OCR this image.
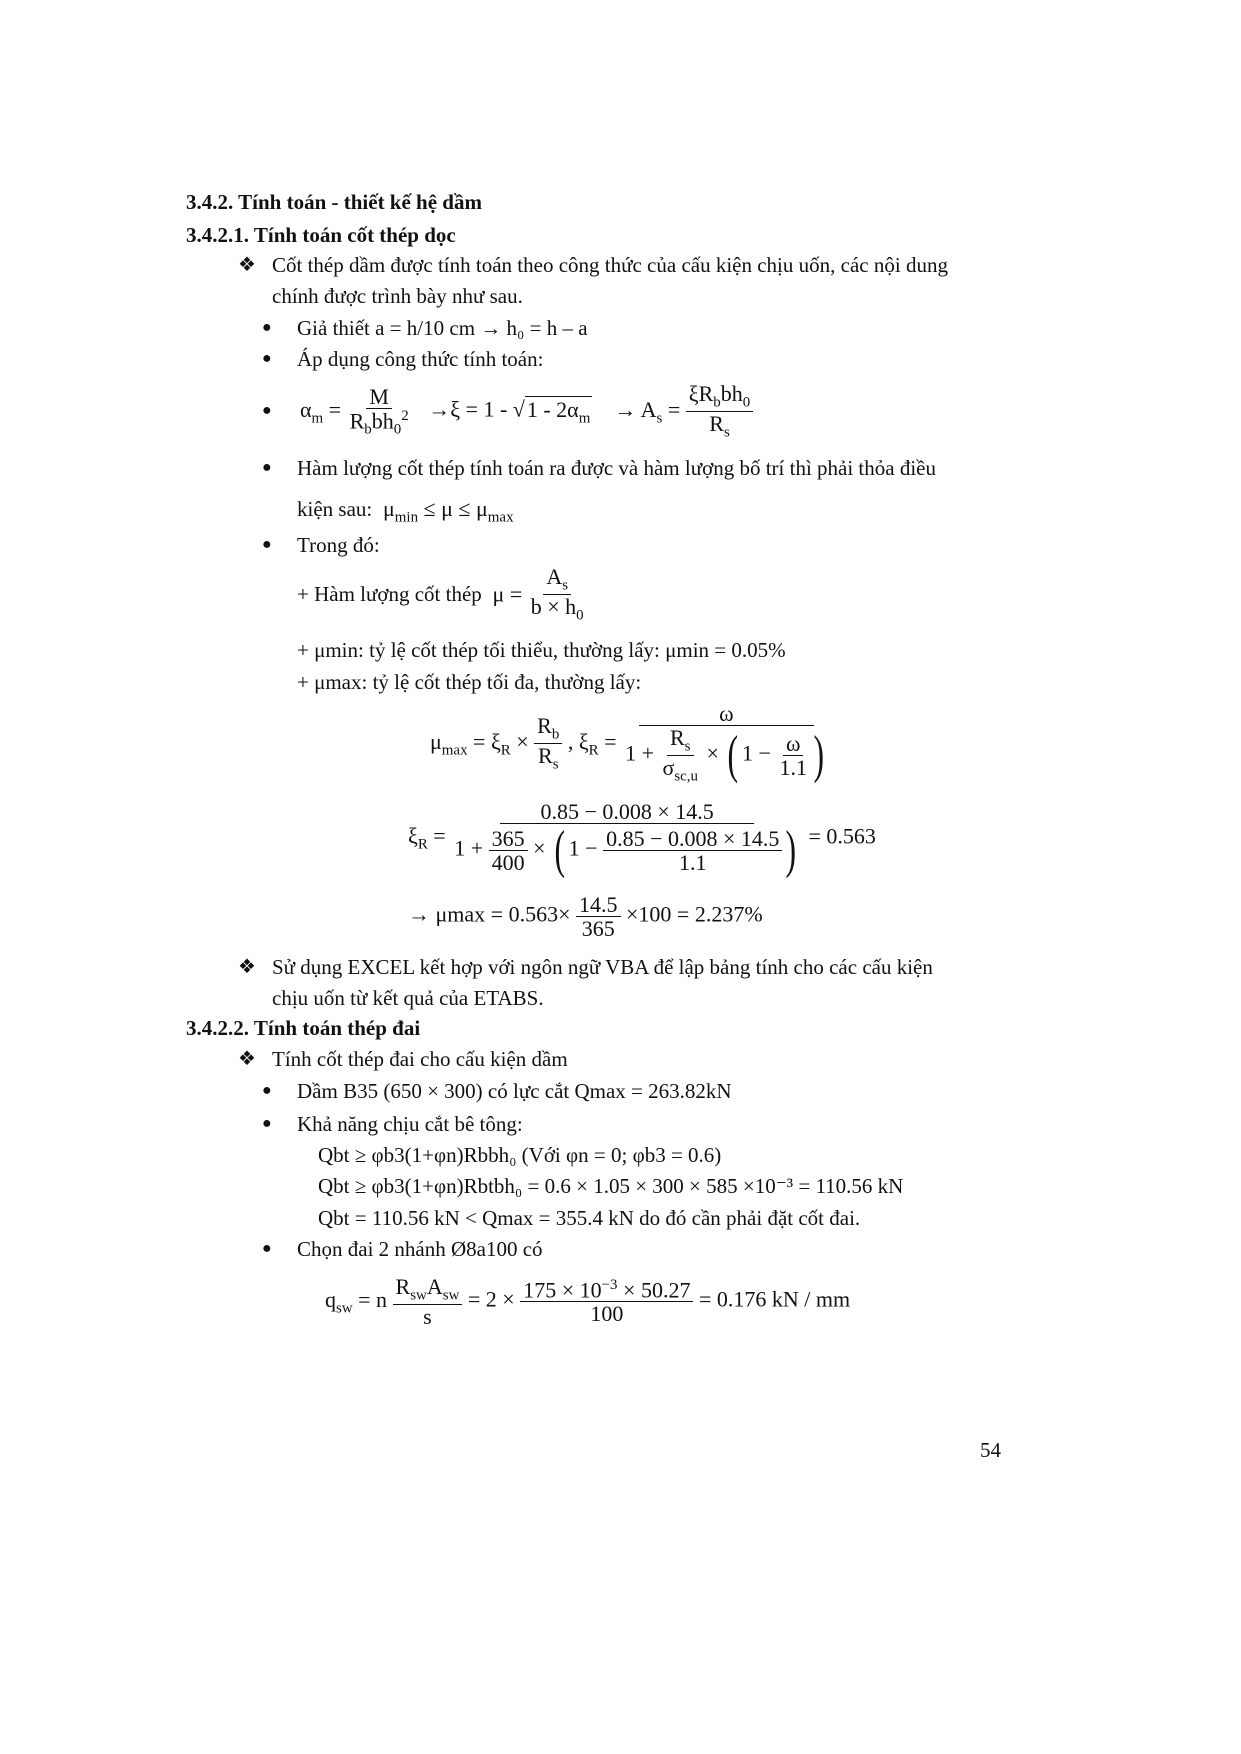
3.4.2. Tính toán - thiết kế hệ dầm
3.4.2.1. Tính toán cốt thép dọc
❖ Cốt thép dầm được tính toán theo công thức của cấu kiện chịu uốn, các nội dung
chính được trình bày như sau.
● Giả thiết a = h/10 cm → h₀ = h – a
● Áp dụng công thức tính toán:
● $\alpha_m$ =
M
$R_bbh_0^2 \to\xi = 1 - √1 - 2\alpha_m$    → $A_s$ =
$\xi R_bbh_0$
$R_s$
● Hàm lượng cốt thép tính toán ra được và hàm lượng bố trí thì phải thỏa điều
kiện sau:  $\mu_{min} \le \mu \le \mu_{max}$
● Trong đó:
+ Hàm lượng cốt thép  $\mu = \frac{A_s}{b \times h_0}$
+ μmin: tỷ lệ cốt thép tối thiểu, thường lấy: μmin = 0.05%
+ μmax: tỷ lệ cốt thép tối đa, thường lấy:
$\mu_{max} = \xi_R \times \frac{R_b}{R_s}$ , $\xi_R$ =
ω
1 +
$R_s$
$\sigma_{sc,u}$
× ( $1 - \frac{\omega}{1.1}$ )
$\xi_R = \frac{0.85 - 0.008 \times 14.5}{1 + \frac{365}{400} \times ( 1 - \frac{0.85 - 0.008 \times 14.5}{1.1} )} = 0.563$
→ $\mu\max = 0.563\times \frac{14.5}{365} \times 100 = 2.237\%$
❖ Sử dụng EXCEL kết hợp với ngôn ngữ VBA để lập bảng tính cho các cấu kiện
chịu uốn từ kết quả của ETABS.
3.4.2.2. Tính toán thép đai
❖ Tính cốt thép đai cho cấu kiện dầm
● Dầm B35 (650 × 300) có lực cắt Qmax = 263.82kN
● Khả năng chịu cắt bê tông:
Qbt ≥ φb3(1+φn)Rbbh₀ (Với φn = 0; φb3 = 0.6)
Qbt ≥ φb3(1+φn)Rbtbh₀ = 0.6 × 1.05 × 300 × 585 ×10⁻³ = 110.56 kN
Qbt = 110.56 kN < Qmax = 355.4 kN do đó cần phải đặt cốt đai.
● Chọn đai 2 nhánh Ø8a100 có
$q_{sw} = n$
$R_{sw}A_{sw}$
s
= $2 \times \frac{175 \times 10^{-3} \times 50.27}{100} = 0.176$ kN / mm
54
